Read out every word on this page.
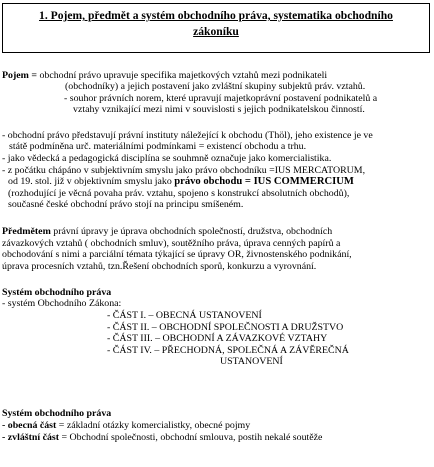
1. Pojem, předmět a systém obchodního práva, systematika obchodního
zákoníku
Pojem = obchodní právo upravuje specifika majetkových vztahů mezi podnikateli
(obchodníky) a jejich postavení jako zvláštní skupiny subjektů práv. vztahů.
- souhor právních norem, které upravují majetkoprávní postavení podnikatelů a
vztahy vznikající mezi nimi v souvislosti s jejich podnikatelskou činností.
- obchodní právo představují právní instituty náležející k obchodu (Thöl), jeho existence je ve
státě podmíněna urč. materiálními podmínkami = existencí obchodu a trhu.
- jako vědecká a pedagogická disciplína se souhmně označuje jako komercialistika.
- z počátku chápáno v subjektivním smyslu jako právo obchodníku =IUS MERCATORUM,
od 19. stol. již v objektivním smyslu jako právo obchodu = IUS COMMERCIUM
(rozhodující je věcná povaha práv. vztahu, spojeno s konstrukcí absolutních obchodů),
současné české obchodní právo stojí na principu smíšeném.
Předmětem právní úpravy je úprava obchodních společností, družstva, obchodních
závazkových vztahů ( obchodních smluv), soutěžního práva, úprava cenných papírů a
obchodování s nimi a parciální témata týkající se úpravy OR, živnostenského podnikání,
úprava procesních vztahů, tzn.Řešení obchodních sporů, konkurzu a vyrovnání.
Systém obchodního práva
- systém Obchodního Zákona:
- ČÁST I. – OBECNÁ USTANOVENÍ
- ČÁST II. – OBCHODNÍ SPOLEČNOSTI A DRUŽSTVO
- ČÁST III. – OBCHODNÍ A ZÁVAZKOVÉ VZTAHY
- ČÁST IV. – PŘECHODNÁ, SPOLEČNÁ A ZÁVĚREČNÁ
USTANOVENÍ
Systém obchodního práva
- obecná část = základní otázky komercialistky, obecné pojmy
- zvláštní část = Obchodní společnosti, obchodní smlouva, postih nekalé soutěže
